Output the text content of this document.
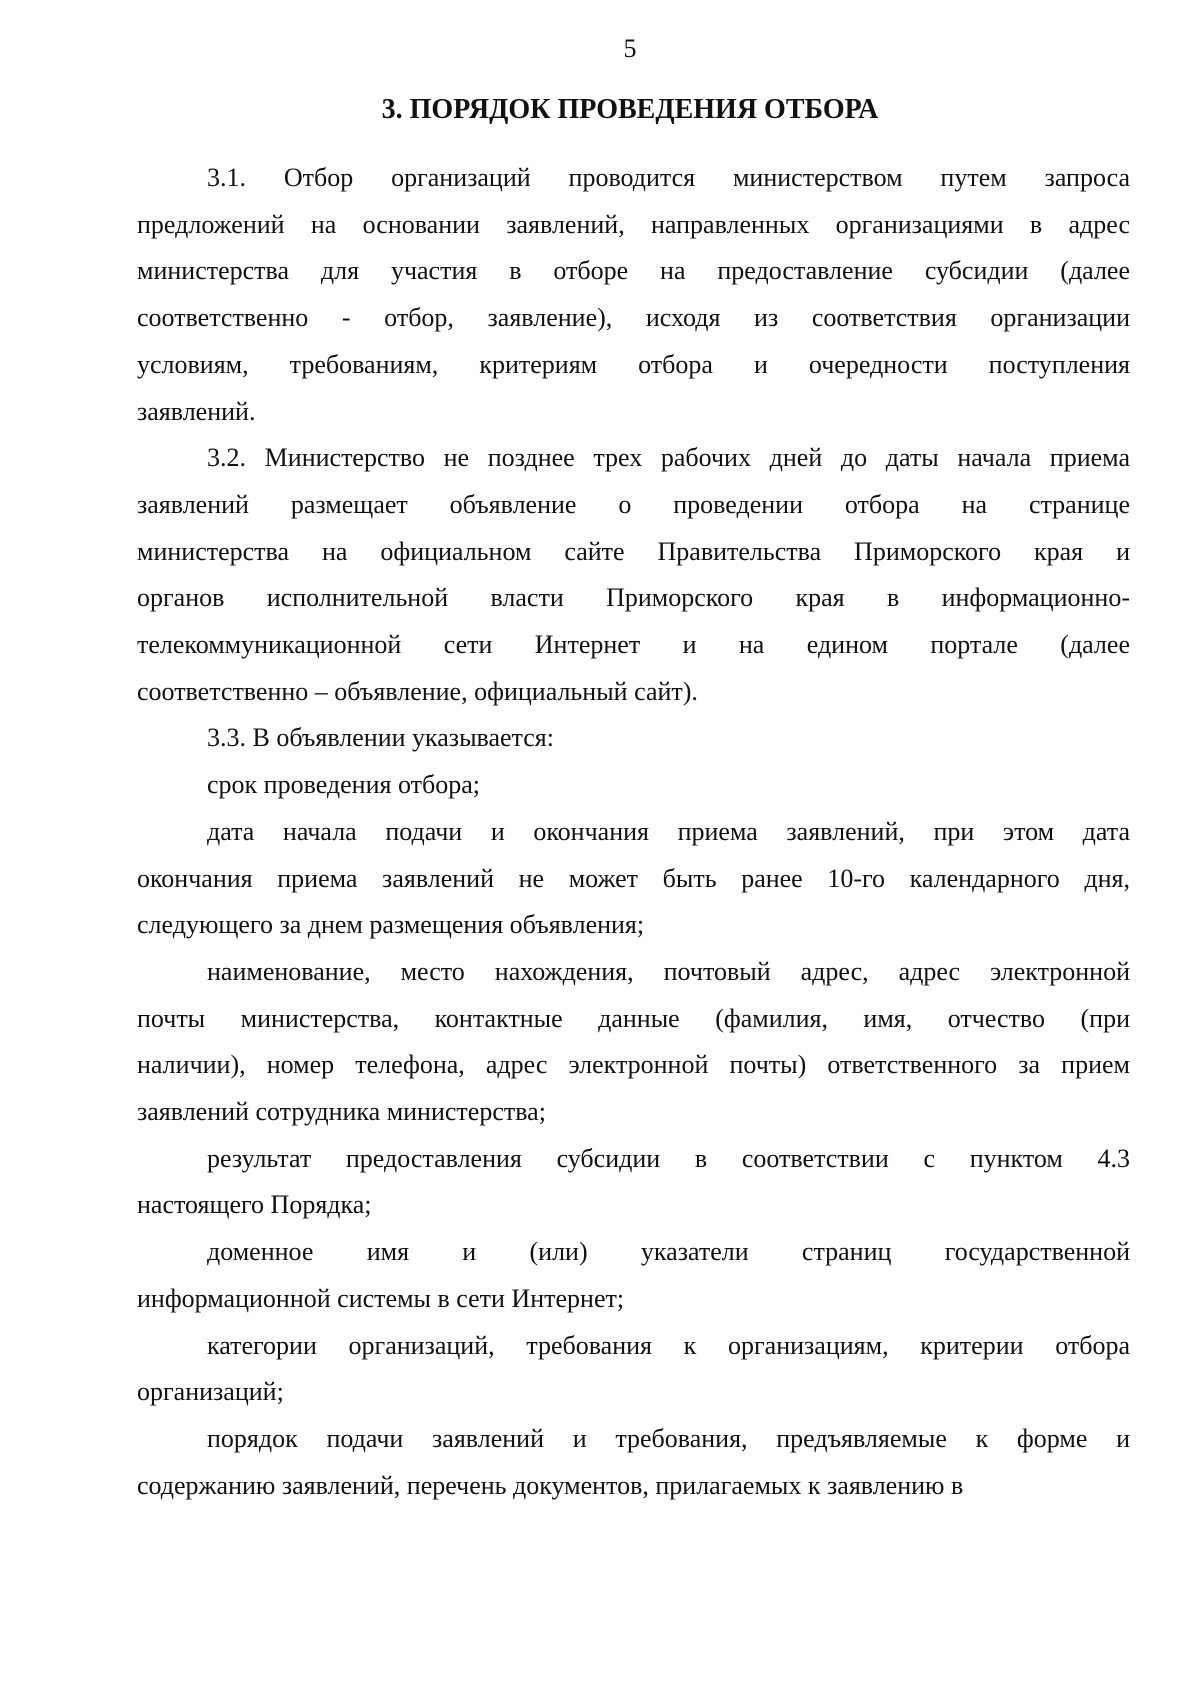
5
3. ПОРЯДОК ПРОВЕДЕНИЯ ОТБОРА
3.1. Отбор организаций проводится министерством путем запроса
предложений на основании заявлений, направленных организациями в адрес
министерства для участия в отборе на предоставление субсидии (далее
соответственно - отбор, заявление), исходя из соответствия организации
условиям, требованиям, критериям отбора и очередности поступления
заявлений.
3.2. Министерство не позднее трех рабочих дней до даты начала приема
заявлений размещает объявление о проведении отбора на странице
министерства на официальном сайте Правительства Приморского края и
органов исполнительной власти Приморского края в информационно-
телекоммуникационной сети Интернет и на едином портале (далее
соответственно – объявление, официальный сайт).
3.3. В объявлении указывается:
срок проведения отбора;
дата начала подачи и окончания приема заявлений, при этом дата
окончания приема заявлений не может быть ранее 10-го календарного дня,
следующего за днем размещения объявления;
наименование, место нахождения, почтовый адрес, адрес электронной
почты министерства, контактные данные (фамилия, имя, отчество (при
наличии), номер телефона, адрес электронной почты) ответственного за прием
заявлений сотрудника министерства;
результат предоставления субсидии в соответствии с пунктом 4.3
настоящего Порядка;
доменное имя и (или) указатели страниц государственной
информационной системы в сети Интернет;
категории организаций, требования к организациям, критерии отбора
организаций;
порядок подачи заявлений и требования, предъявляемые к форме и
содержанию заявлений, перечень документов, прилагаемых к заявлению в
